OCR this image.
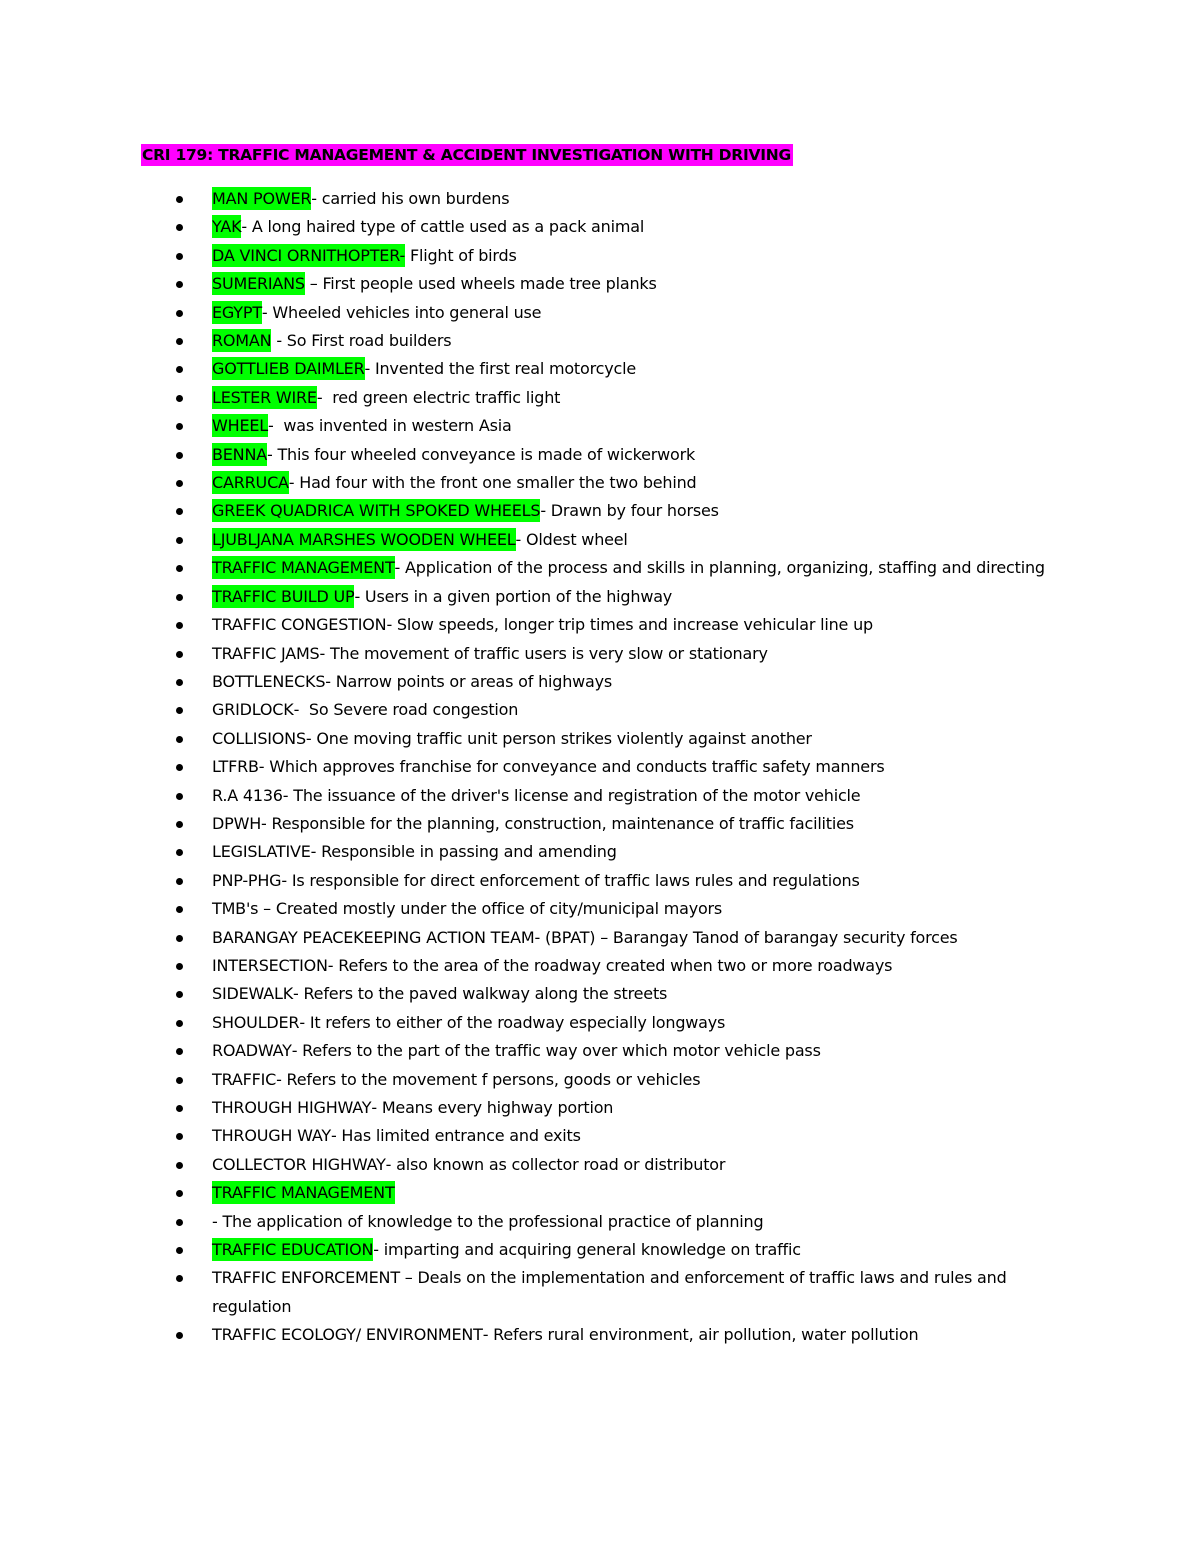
CRI 179: TRAFFIC MANAGEMENT & ACCIDENT INVESTIGATION WITH DRIVING
MAN POWER- carried his own burdens
YAK- A long haired type of cattle used as a pack animal
DA VINCI ORNITHOPTER- Flight of birds
SUMERIANS – First people used wheels made tree planks
EGYPT- Wheeled vehicles into general use
ROMAN - So First road builders
GOTTLIEB DAIMLER- Invented the first real motorcycle
LESTER WIRE-  red green electric traffic light
WHEEL-  was invented in western Asia
BENNA- This four wheeled conveyance is made of wickerwork
CARRUCA- Had four with the front one smaller the two behind
GREEK QUADRICA WITH SPOKED WHEELS- Drawn by four horses
LJUBLJANA MARSHES WOODEN WHEEL- Oldest wheel
TRAFFIC MANAGEMENT- Application of the process and skills in planning, organizing, staffing and directing
TRAFFIC BUILD UP- Users in a given portion of the highway
TRAFFIC CONGESTION- Slow speeds, longer trip times and increase vehicular line up
TRAFFIC JAMS- The movement of traffic users is very slow or stationary
BOTTLENECKS- Narrow points or areas of highways
GRIDLOCK-  So Severe road congestion
COLLISIONS- One moving traffic unit person strikes violently against another
LTFRB- Which approves franchise for conveyance and conducts traffic safety manners
R.A 4136- The issuance of the driver's license and registration of the motor vehicle
DPWH- Responsible for the planning, construction, maintenance of traffic facilities
LEGISLATIVE- Responsible in passing and amending
PNP-PHG- Is responsible for direct enforcement of traffic laws rules and regulations
TMB's – Created mostly under the office of city/municipal mayors
BARANGAY PEACEKEEPING ACTION TEAM- (BPAT) – Barangay Tanod of barangay security forces
INTERSECTION- Refers to the area of the roadway created when two or more roadways
SIDEWALK- Refers to the paved walkway along the streets
SHOULDER- It refers to either of the roadway especially longways
ROADWAY- Refers to the part of the traffic way over which motor vehicle pass
TRAFFIC- Refers to the movement f persons, goods or vehicles
THROUGH HIGHWAY- Means every highway portion
THROUGH WAY- Has limited entrance and exits
COLLECTOR HIGHWAY- also known as collector road or distributor
TRAFFIC MANAGEMENT
- The application of knowledge to the professional practice of planning
TRAFFIC EDUCATION- imparting and acquiring general knowledge on traffic
TRAFFIC ENFORCEMENT – Deals on the implementation and enforcement of traffic laws and rules and regulation
TRAFFIC ECOLOGY/ ENVIRONMENT- Refers rural environment, air pollution, water pollution
